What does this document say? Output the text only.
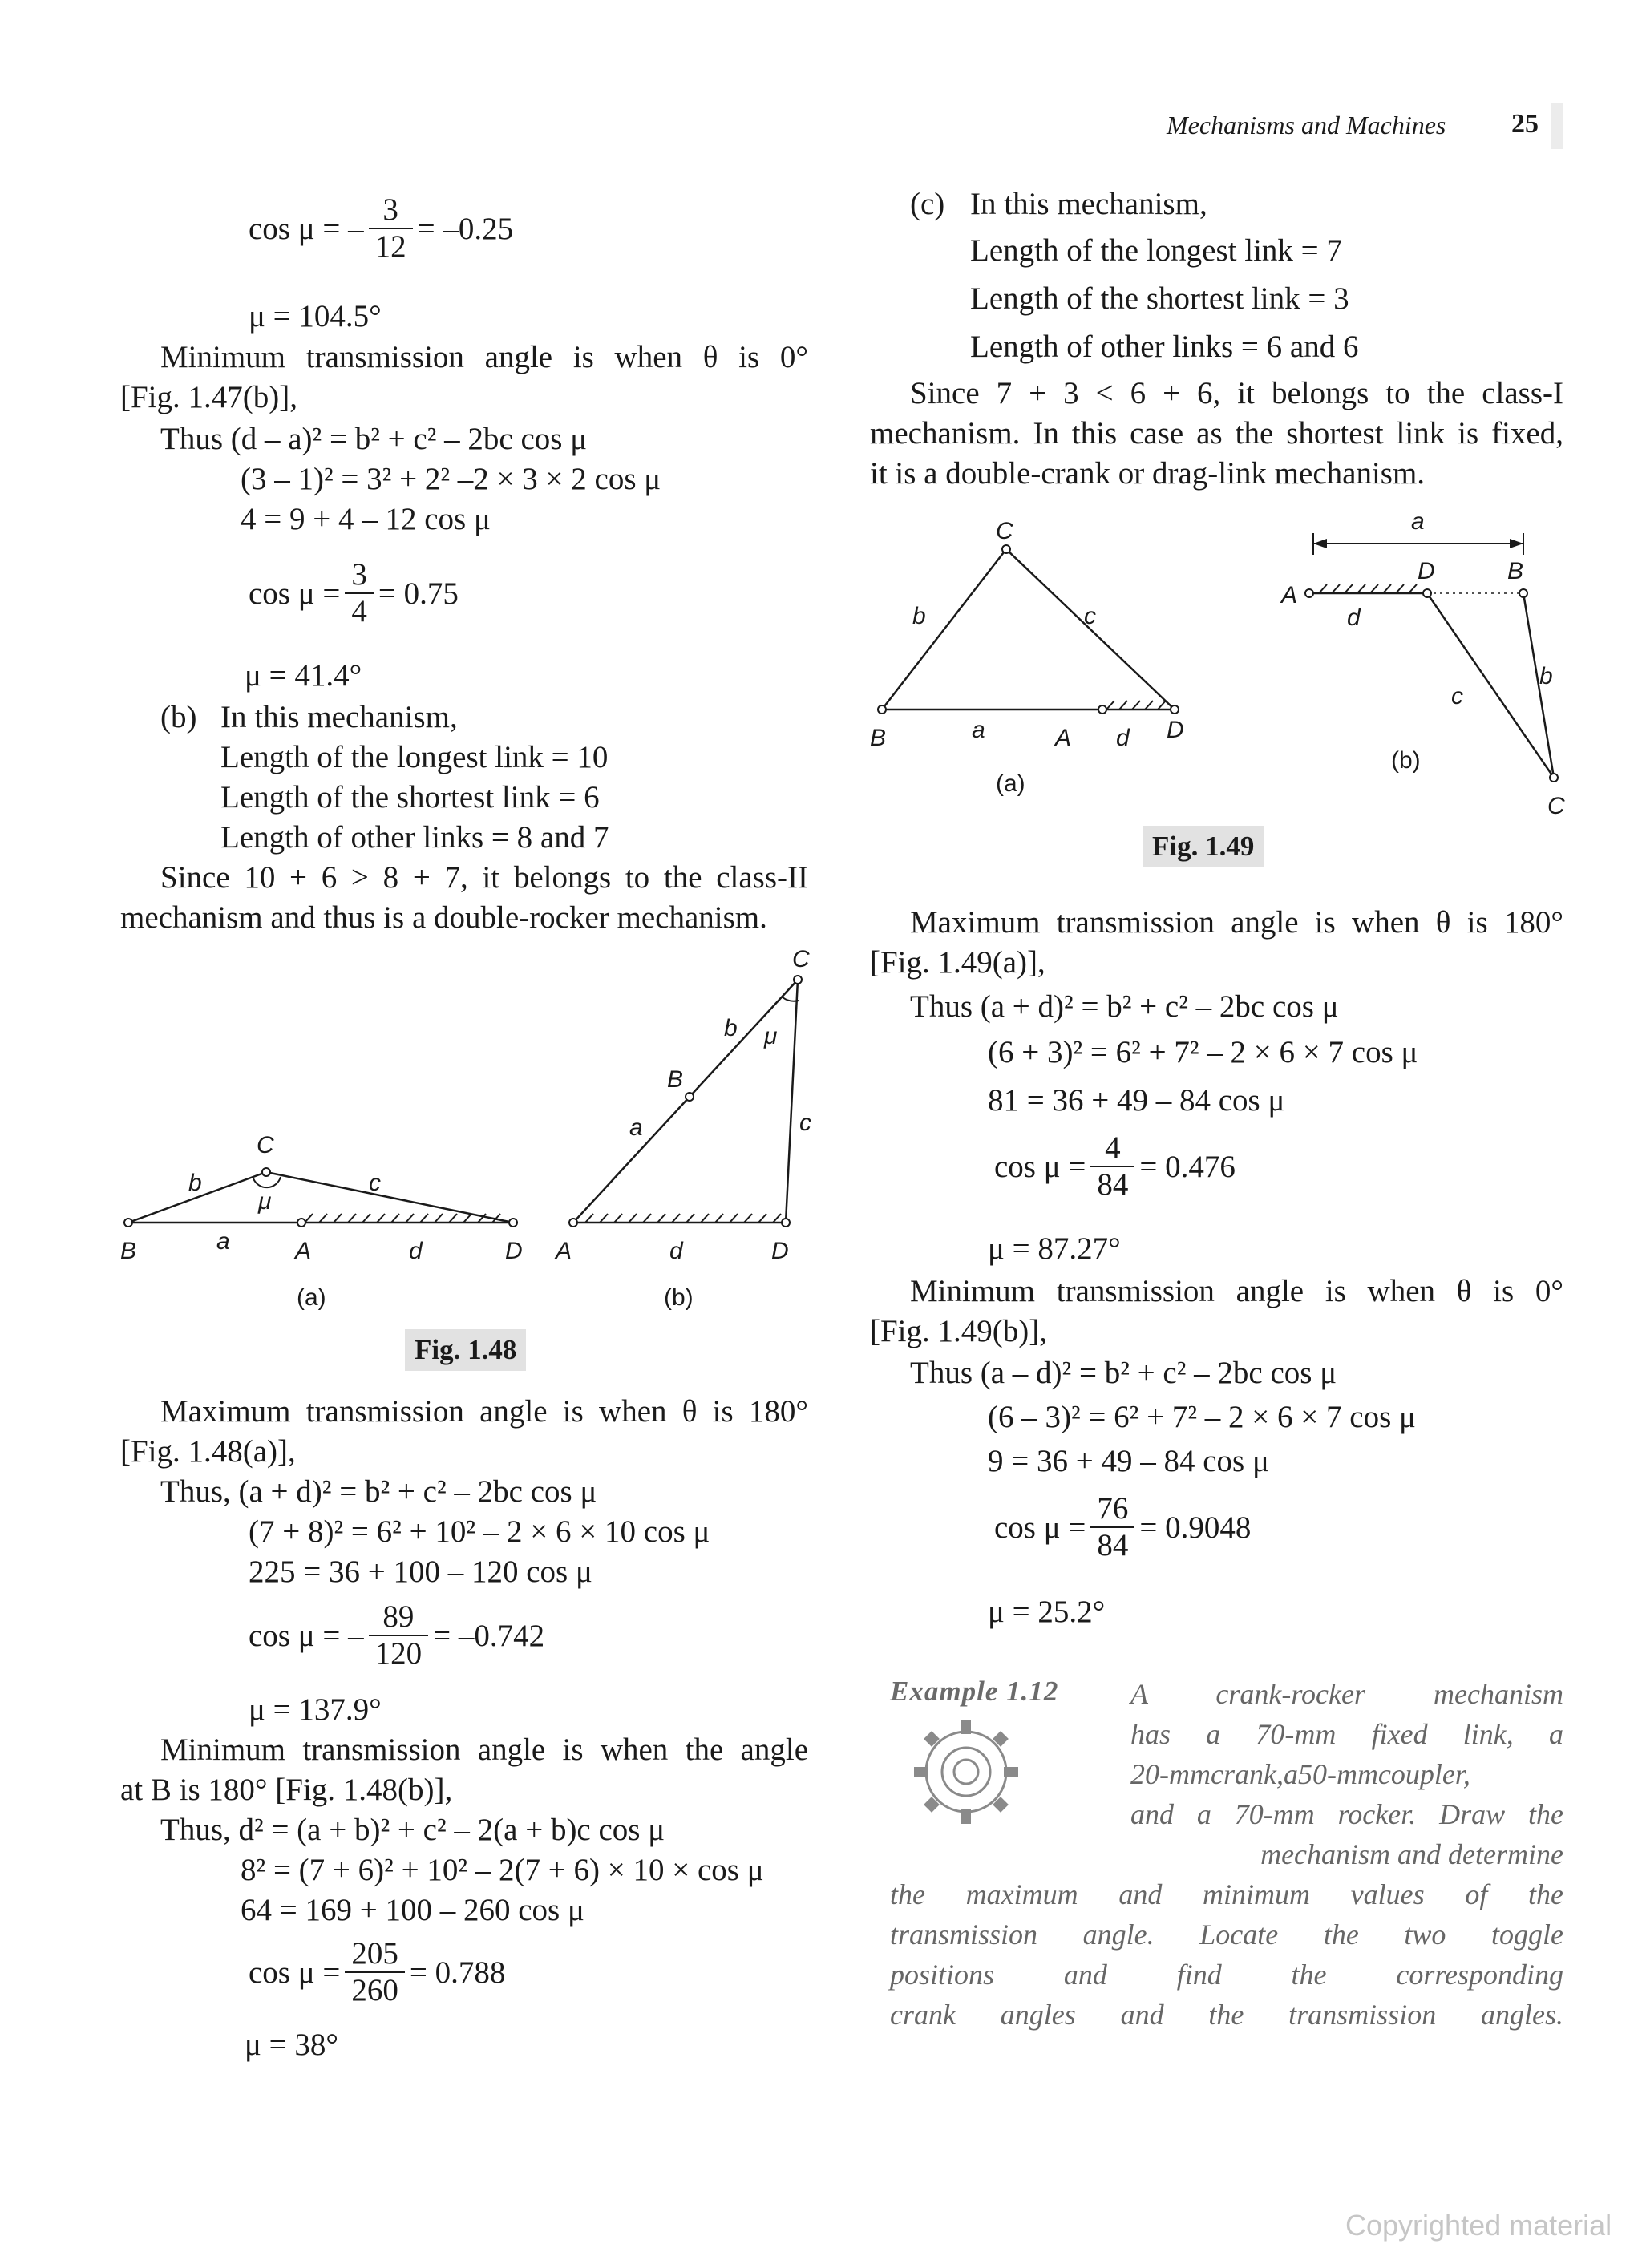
Mechanisms and Machines 25
cos μ = – $\frac{3}{12} = -0.25$
μ = 104.5°
Minimum transmission angle is when θ is 0°
[Fig. 1.47(b)],
Thus (d – a)² = b² + c² – 2bc cos μ
(3 – 1)² = 3² + 2² –2 × 3 × 2 cos μ
4 = 9 + 4 – 12 cos μ
$\cos \mu = \frac{3}{4} = 0.75$
μ = 41.4°
(b) In this mechanism,
Length of the longest link = 10
Length of the shortest link = 6
Length of other links = 8 and 7
Since 10 + 6 > 8 + 7, it belongs to the class-II
mechanism and thus is a double-rocker mechanism.
C
b	c
μ
B	a	A	d	D
(a)
C
b μ
B
a	c
A	d	D
(b)
Fig. 1.48
Maximum transmission angle is when θ is 180°
[Fig. 1.48(a)],
Thus, (a + d)² = b² + c² – 2bc cos μ
(7 + 8)² = 6² + 10² – 2 × 6 × 10 cos μ
225 = 36 + 100 – 120 cos μ
cos μ = – $\frac{89}{120} = -0.742$
μ = 137.9°
Minimum transmission angle is when the angle
at B is 180° [Fig. 1.48(b)],
Thus, d² = (a + b)² + c² – 2(a + b)c cos μ
8² = (7 + 6)² + 10² – 2(7 + 6) × 10 × cos μ
64 = 169 + 100 – 260 cos μ
$\cos \mu = \frac{205}{260} = 0.788$
μ = 38°
(c) In this mechanism,
Length of the longest link = 7
Length of the shortest link = 3
Length of other links = 6 and 6
Since 7 + 3 < 6 + 6, it belongs to the class-I
mechanism. In this case as the shortest link is fixed,
it is a double-crank or drag-link mechanism.
C
b	c
B	a	A d D
(a)
a
A
D	B
d
c
b
C
(b)
Fig. 1.49
Maximum transmission angle is when θ is 180°
[Fig. 1.49(a)],
Thus (a + d)² = b² + c² – 2bc cos μ
(6 + 3)² = 6² + 7² – 2 × 6 × 7 cos μ
81 = 36 + 49 – 84 cos μ
$\cos \mu = \frac{4}{84} = 0.476$
μ = 87.27°
Minimum transmission angle is when θ is 0°
[Fig. 1.49(b)],
Thus (a – d)² = b² + c² – 2bc cos μ
(6 – 3)² = 6² + 7² – 2 × 6 × 7 cos μ
9 = 36 + 49 – 84 cos μ
$\cos \mu = \frac{76}{84} = 0.9048$
μ = 25.2°
Example 1.12 A crank-rocker mechanism
has a 70-mm fixed link, a
20-mmcrank,a50-mmcoupler,
and a 70-mm rocker. Draw the
mechanism and determine
the maximum and minimum values of the
transmission angle. Locate the two toggle
positions and find the corresponding
crank angles and the transmission angles.
Copyrighted material
